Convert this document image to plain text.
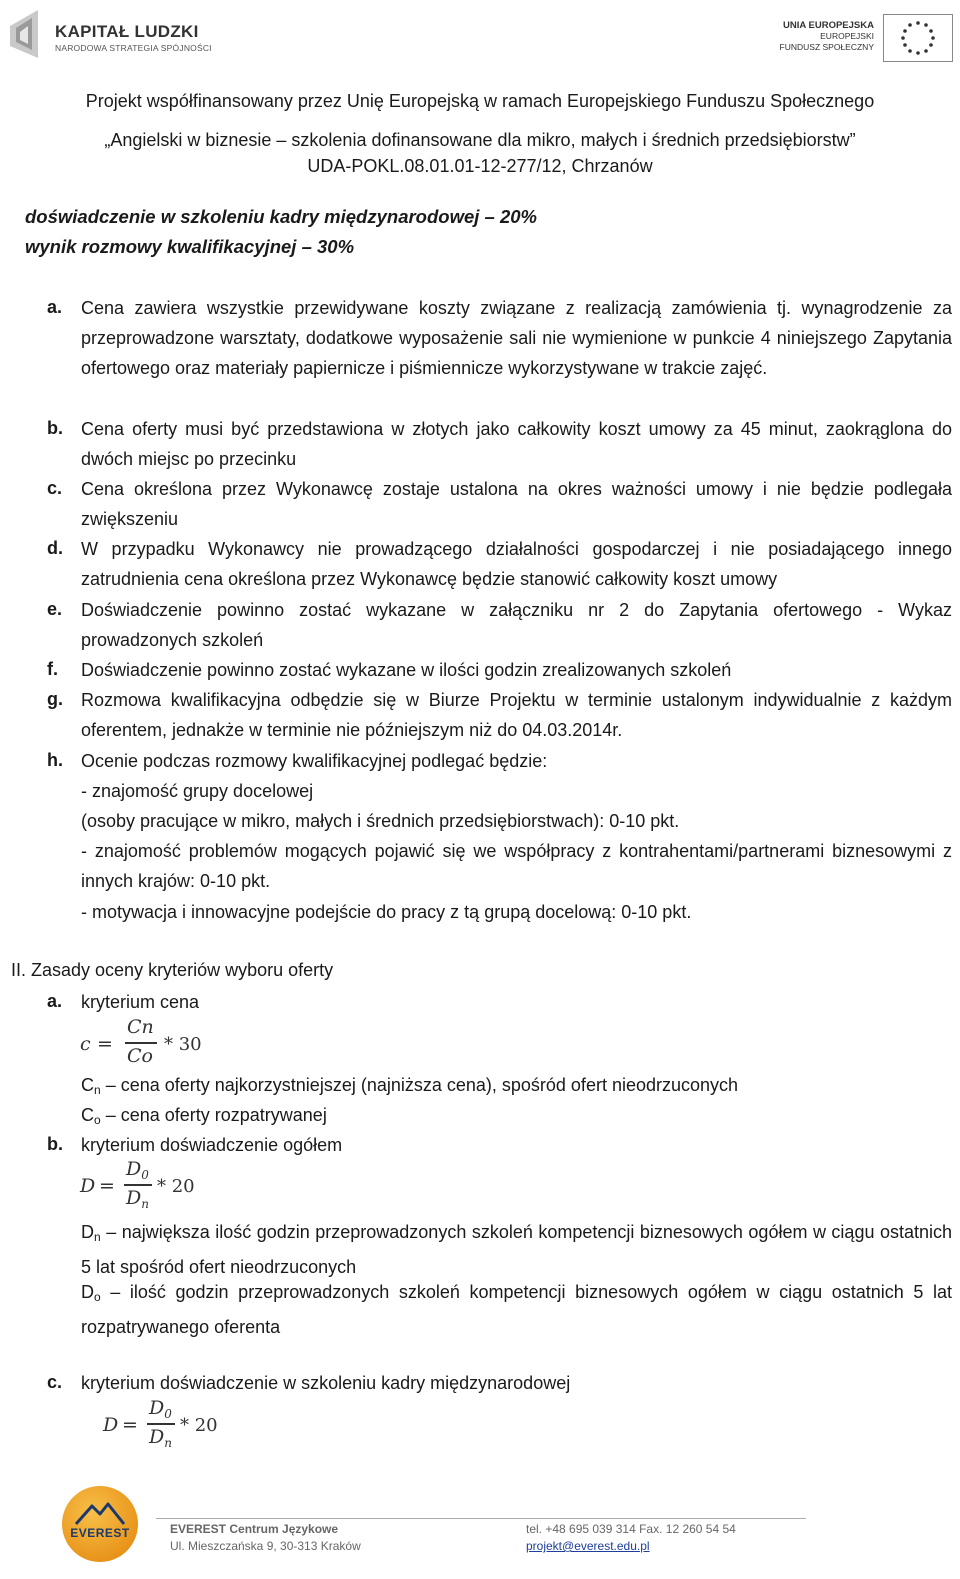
KAPITAŁ LUDZKI
NARODOWA STRATEGIA SPÓJNOŚCI
UNIA EUROPEJSKA
EUROPEJSKI
FUNDUSZ SPOŁECZNY
Projekt współfinansowany przez Unię Europejską w ramach Europejskiego Funduszu Społecznego
„Angielski w biznesie – szkolenia dofinansowane dla mikro, małych i średnich przedsiębiorstw”
UDA-POKL.08.01.01-12-277/12, Chrzanów
doświadczenie w szkoleniu kadry międzynarodowej – 20%
wynik rozmowy kwalifikacyjnej – 30%
a. Cena zawiera wszystkie przewidywane koszty związane z realizacją zamówienia tj. wynagrodzenie za przeprowadzone warsztaty, dodatkowe wyposażenie sali nie wymienione w punkcie 4 niniejszego Zapytania ofertowego oraz materiały papiernicze i piśmiennicze wykorzystywane w trakcie zajęć.
b. Cena oferty musi być przedstawiona w złotych jako całkowity koszt umowy za 45 minut, zaokrąglona do dwóch miejsc po przecinku
c. Cena określona przez Wykonawcę zostaje ustalona na okres ważności umowy i nie będzie podlegała zwiększeniu
d. W przypadku Wykonawcy nie prowadzącego działalności gospodarczej i nie posiadającego innego zatrudnienia cena określona przez Wykonawcę będzie stanowić całkowity koszt umowy
e. Doświadczenie powinno zostać wykazane w załączniku nr 2 do Zapytania ofertowego - Wykaz prowadzonych szkoleń
f. Doświadczenie powinno zostać wykazane w ilości godzin zrealizowanych szkoleń
g. Rozmowa kwalifikacyjna odbędzie się w Biurze Projektu w terminie ustalonym indywidualnie z każdym oferentem, jednakże w terminie nie późniejszym niż do 04.03.2014r.
h. Ocenie podczas rozmowy kwalifikacyjnej podlegać będzie:
- znajomość grupy docelowej
(osoby pracujące w mikro, małych i średnich przedsiębiorstwach): 0-10 pkt.
- znajomość problemów mogących pojawić się we współpracy z kontrahentami/partnerami biznesowymi z innych krajów: 0-10 pkt.
- motywacja i innowacyjne podejście do pracy z tą grupą docelową: 0-10 pkt.
II. Zasady oceny kryteriów wyboru oferty
a. kryterium cena
c =
Cn
Co
* 30
$C_n$ – cena oferty najkorzystniejszej (najniższa cena), spośród ofert nieodrzuconych
$C_o$ – cena oferty rozpatrywanej
b. kryterium doświadczenie ogółem
D =
$D_0$
$D_n$
* 20
$D_n$ – największa ilość godzin przeprowadzonych szkoleń kompetencji biznesowych ogółem w ciągu ostatnich 5 lat spośród ofert nieodrzuconych
$D_o$ – ilość godzin przeprowadzonych szkoleń kompetencji biznesowych ogółem w ciągu ostatnich 5 lat rozpatrywanego oferenta
c. kryterium doświadczenie w szkoleniu kadry międzynarodowej
D =
$D_0$
$D_n$
* 20
EVEREST	EVEREST Centrum Językowe
Ul. Mieszczańska 9, 30-313 Kraków
tel. +48 695 039 314 Fax. 12 260 54 54
projekt@everest.edu.pl
